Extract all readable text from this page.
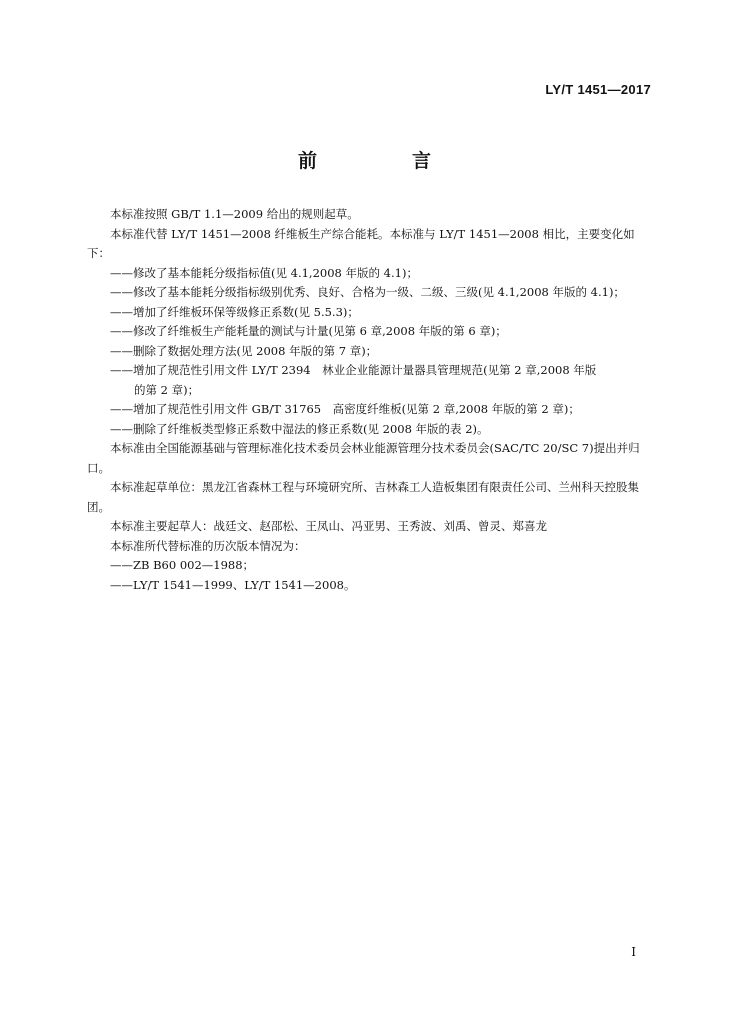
LY/T 1451—2017
前　言

本标准按照 GB/T 1.1—2009 给出的规则起草。

本标准代替 LY/T 1451—2008 纤维板生产综合能耗。本标准与 LY/T 1451—2008 相比，主要变化如下：

——修改了基本能耗分级指标值(见 4.1,2008 年版的 4.1)；
——修改了基本能耗分级指标级别优秀、良好、合格为一级、二级、三级(见 4.1,2008 年版的 4.1)；
——增加了纤维板环保等级修正系数(见 5.5.3)；
——修改了纤维板生产能耗量的测试与计量(见第 6 章,2008 年版的第 6 章)；
——删除了数据处理方法(见 2008 年版的第 7 章)；
——增加了规范性引用文件 LY/T 2394　林业企业能源计量器具管理规范(见第 2 章,2008 年版
的第 2 章)；
——增加了规范性引用文件 GB/T 31765　高密度纤维板(见第 2 章,2008 年版的第 2 章)；
——删除了纤维板类型修正系数中湿法的修正系数(见 2008 年版的表 2)。

本标准由全国能源基础与管理标准化技术委员会林业能源管理分技术委员会(SAC/TC 20/SC 7)提出并归口。

本标准起草单位：黑龙江省森林工程与环境研究所、吉林森工人造板集团有限责任公司、兰州科天控股集团。

本标准主要起草人：战廷文、赵邵松、王凤山、冯亚男、王秀波、刘禹、曾灵、郑喜龙

本标准所代替标准的历次版本情况为：

——ZB B60 002—1988；
——LY/T 1541—1999、LY/T 1541—2008。
I
